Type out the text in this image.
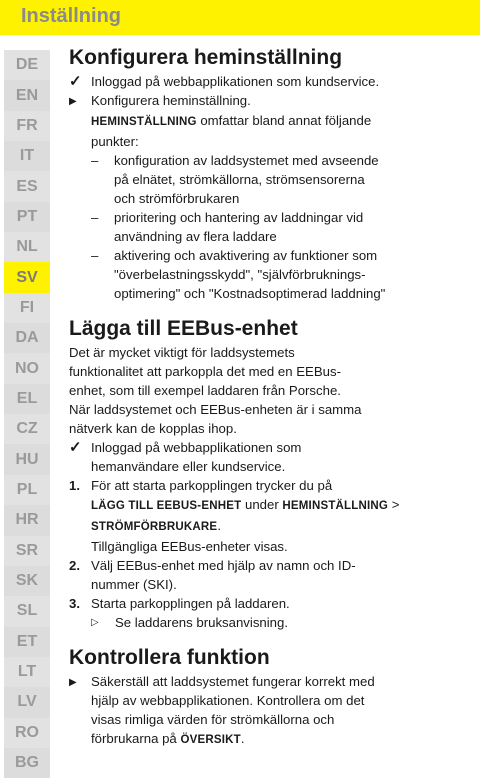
Inställning
DE
EN
FR
IT
ES
PT
NL
SV
FI
DA
NO
EL
CZ
HU
PL
HR
SR
SK
SL
ET
LT
LV
RO
BG
Konfigurera heminställning
✓ Inloggad på webbapplikationen som kundservice.
▶	Konfigurera heminställning.
HEMINSTÄLLNING omfattar bland annat följande
punkter:
–	konfiguration av laddsystemet med avseende
på elnätet, strömkällorna, strömsensorerna
och strömförbrukaren
–	prioritering och hantering av laddningar vid
användning av flera laddare
–	aktivering och avaktivering av funktioner som
"överbelastningsskydd", "självförbruknings-
optimering" och "Kostnadsoptimerad laddning"
Lägga till EEBus-enhet
Det är mycket viktigt för laddsystemets
funktionalitet att parkoppla det med en EEBus-
enhet, som till exempel laddaren från Porsche.
När laddsystemet och EEBus-enheten är i samma
nätverk kan de kopplas ihop.
✓ Inloggad på webbapplikationen som
hemanvändare eller kundservice.
1. För att starta parkopplingen trycker du på
LÄGG TILL EEBUS-ENHET under HEMINSTÄLLNING >
STRÖMFÖRBRUKARE.
Tillgängliga EEBus-enheter visas.
2. Välj EEBus-enhet med hjälp av namn och ID-
nummer (SKI).
3. Starta parkopplingen på laddaren.
▷	Se laddarens bruksanvisning.
Kontrollera funktion
▶	Säkerställ att laddsystemet fungerar korrekt med
hjälp av webbapplikationen. Kontrollera om det
visas rimliga värden för strömkällorna och
förbrukarna på ÖVERSIKT.
